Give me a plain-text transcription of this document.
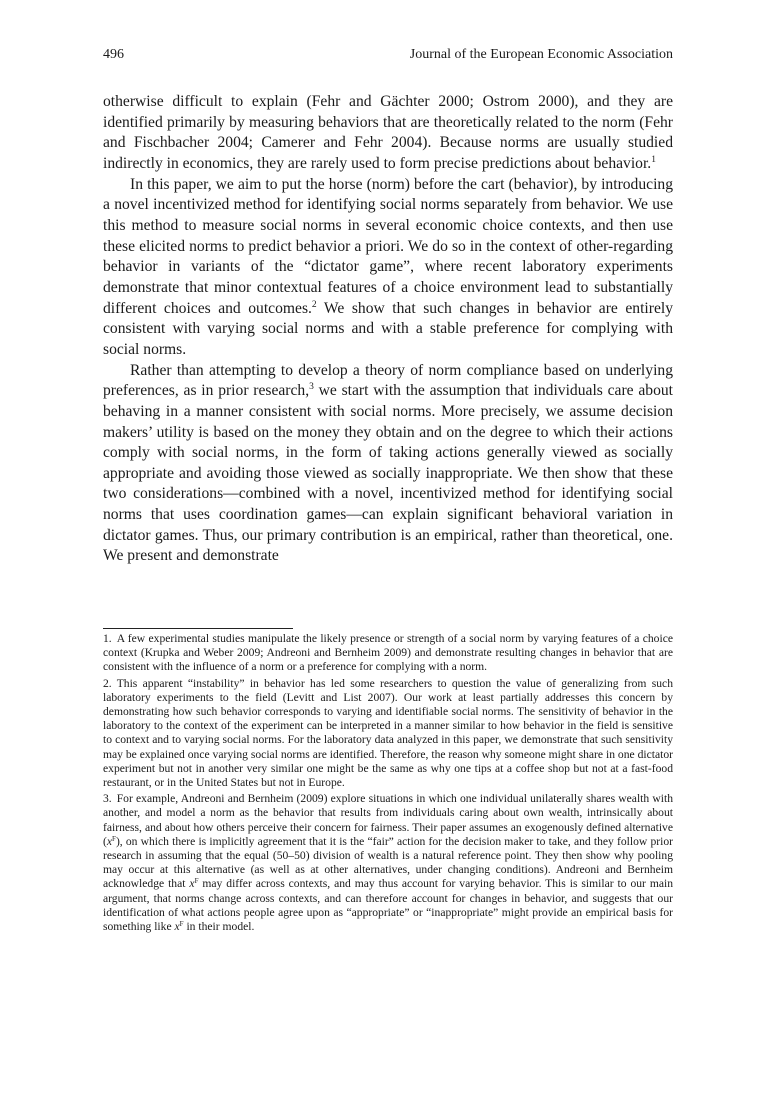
496	Journal of the European Economic Association

otherwise difficult to explain (Fehr and Gächter 2000; Ostrom 2000), and they are identified primarily by measuring behaviors that are theoretically related to the norm (Fehr and Fischbacher 2004; Camerer and Fehr 2004). Because norms are usually studied indirectly in economics, they are rarely used to form precise predictions about behavior.$^1$

In this paper, we aim to put the horse (norm) before the cart (behavior), by introducing a novel incentivized method for identifying social norms separately from behavior. We use this method to measure social norms in several economic choice contexts, and then use these elicited norms to predict behavior a priori. We do so in the context of other-regarding behavior in variants of the “dictator game”, where recent laboratory experiments demonstrate that minor contextual features of a choice environment lead to substantially different choices and outcomes.$^2$ We show that such changes in behavior are entirely consistent with varying social norms and with a stable preference for complying with social norms.

Rather than attempting to develop a theory of norm compliance based on underlying preferences, as in prior research,$^3$ we start with the assumption that individuals care about behaving in a manner consistent with social norms. More precisely, we assume decision makers’ utility is based on the money they obtain and on the degree to which their actions comply with social norms, in the form of taking actions generally viewed as socially appropriate and avoiding those viewed as socially inappropriate. We then show that these two considerations—combined with a novel, incentivized method for identifying social norms that uses coordination games—can explain significant behavioral variation in dictator games. Thus, our primary contribution is an empirical, rather than theoretical, one. We present and demonstrate

1. A few experimental studies manipulate the likely presence or strength of a social norm by varying features of a choice context (Krupka and Weber 2009; Andreoni and Bernheim 2009) and demonstrate resulting changes in behavior that are consistent with the influence of a norm or a preference for complying with a norm.

2. This apparent “instability” in behavior has led some researchers to question the value of generalizing from such laboratory experiments to the field (Levitt and List 2007). Our work at least partially addresses this concern by demonstrating how such behavior corresponds to varying and identifiable social norms. The sensitivity of behavior in the laboratory to the context of the experiment can be interpreted in a manner similar to how behavior in the field is sensitive to context and to varying social norms. For the laboratory data analyzed in this paper, we demonstrate that such sensitivity may be explained once varying social norms are identified. Therefore, the reason why someone might share in one dictator experiment but not in another very similar one might be the same as why one tips at a coffee shop but not at a fast-food restaurant, or in the United States but not in Europe.

3. For example, Andreoni and Bernheim (2009) explore situations in which one individual unilaterally shares wealth with another, and model a norm as the behavior that results from individuals caring about own wealth, intrinsically about fairness, and about how others perceive their concern for fairness. Their paper assumes an exogenously defined alternative $(x^F)$, on which there is implicitly agreement that it is the “fair” action for the decision maker to take, and they follow prior research in assuming that the equal (50–50) division of wealth is a natural reference point. They then show why pooling may occur at this alternative (as well as at other alternatives, under changing conditions). Andreoni and Bernheim acknowledge that $x^F$ may differ across contexts, and may thus account for varying behavior. This is similar to our main argument, that norms change across contexts, and can therefore account for changes in behavior, and suggests that our identification of what actions people agree upon as “appropriate” or “inappropriate” might provide an empirical basis for something like $x^F$ in their model.
